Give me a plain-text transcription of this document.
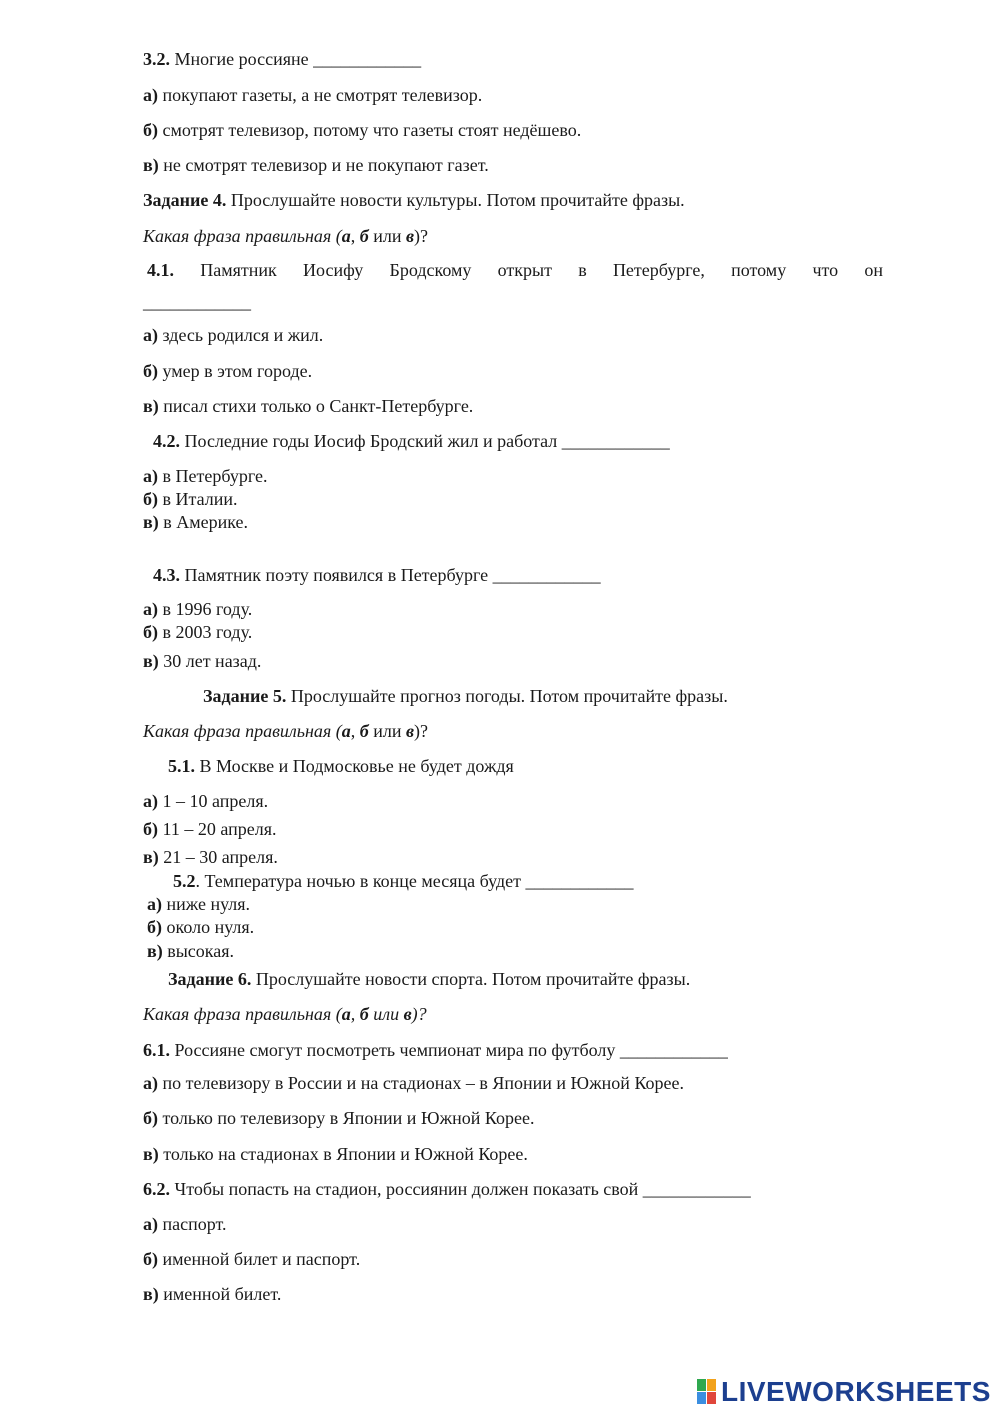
3.2. Многие россияне ____________
а) покупают газеты, а не смотрят телевизор.
б) смотрят телевизор, потому что газеты стоят недёшево.
в) не смотрят телевизор и не покупают газет.
Задание 4. Прослушайте новости культуры. Потом прочитайте фразы.
Какая фраза правильная (а, б или в)?
4.1. Памятник Иосифу Бродскому открыт в Петербурге, потому что он
____________
а) здесь родился и жил.
б) умер в этом городе.
в) писал стихи только о Санкт-Петербурге.
4.2. Последние годы Иосиф Бродский жил и работал ____________
а) в Петербурге.
б) в Италии.
в) в Америке.
4.3. Памятник поэту появился в Петербурге ____________
а) в 1996 году.
б) в 2003 году.
в) 30 лет назад.
Задание 5. Прослушайте прогноз погоды. Потом прочитайте фразы.
Какая фраза правильная (а, б или в)?
5.1. В Москве и Подмосковье не будет дождя
а) 1 – 10 апреля.
б) 11 – 20 апреля.
в) 21 – 30 апреля.
5.2. Температура ночью в конце месяца будет ____________
а) ниже нуля.
б) около нуля.
в) высокая.
Задание 6. Прослушайте новости спорта. Потом прочитайте фразы.
Какая фраза правильная (а, б или в)?
6.1. Россияне смогут посмотреть чемпионат мира по футболу ____________
а) по телевизору в России и на стадионах – в Японии и Южной Корее.
б) только по телевизору в Японии и Южной Корее.
в) только на стадионах в Японии и Южной Корее.
6.2. Чтобы попасть на стадион, россиянин должен показать свой ____________
а) паспорт.
б) именной билет и паспорт.
в) именной билет.
LIVEWORKSHEETS
